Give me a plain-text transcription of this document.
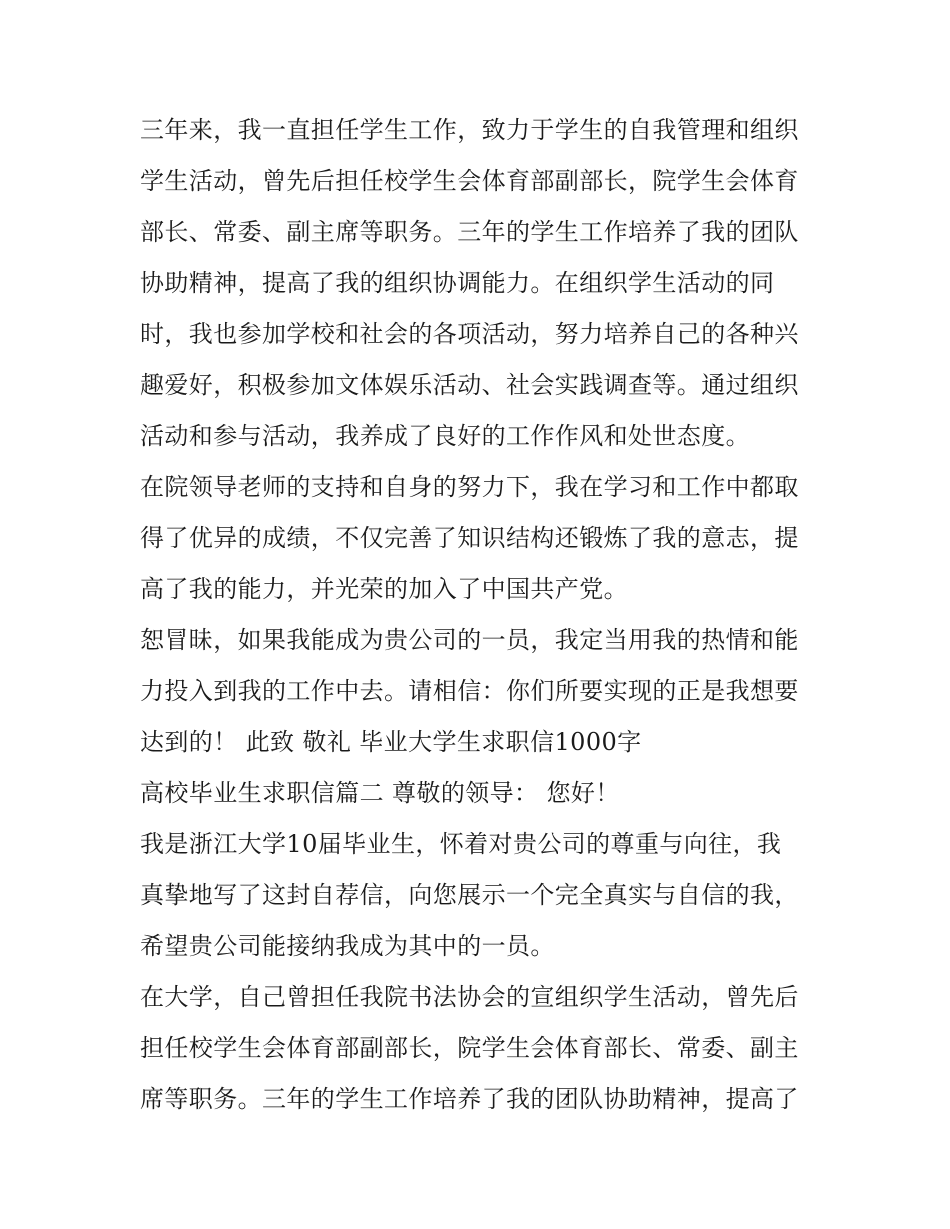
三年来，我一直担任学生工作，致力于学生的自我管理和组织
学生活动，曾先后担任校学生会体育部副部长，院学生会体育
部长、常委、副主席等职务。三年的学生工作培养了我的团队
协助精神，提高了我的组织协调能力。在组织学生活动的同
时，我也参加学校和社会的各项活动，努力培养自己的各种兴
趣爱好，积极参加文体娱乐活动、社会实践调查等。通过组织
活动和参与活动，我养成了良好的工作作风和处世态度。
在院领导老师的支持和自身的努力下，我在学习和工作中都取
得了优异的成绩，不仅完善了知识结构还锻炼了我的意志，提
高了我的能力，并光荣的加入了中国共产党。
恕冒昧，如果我能成为贵公司的一员，我定当用我的热情和能
力投入到我的工作中去。请相信：你们所要实现的正是我想要
达到的！ 此致 敬礼 毕业大学生求职信1000字
高校毕业生求职信篇二 尊敬的领导： 您好！
我是浙江大学10届毕业生，怀着对贵公司的尊重与向往，我
真挚地写了这封自荐信，向您展示一个完全真实与自信的我，
希望贵公司能接纳我成为其中的一员。
在大学，自己曾担任我院书法协会的宣组织学生活动，曾先后
担任校学生会体育部副部长，院学生会体育部长、常委、副主
席等职务。三年的学生工作培养了我的团队协助精神，提高了
